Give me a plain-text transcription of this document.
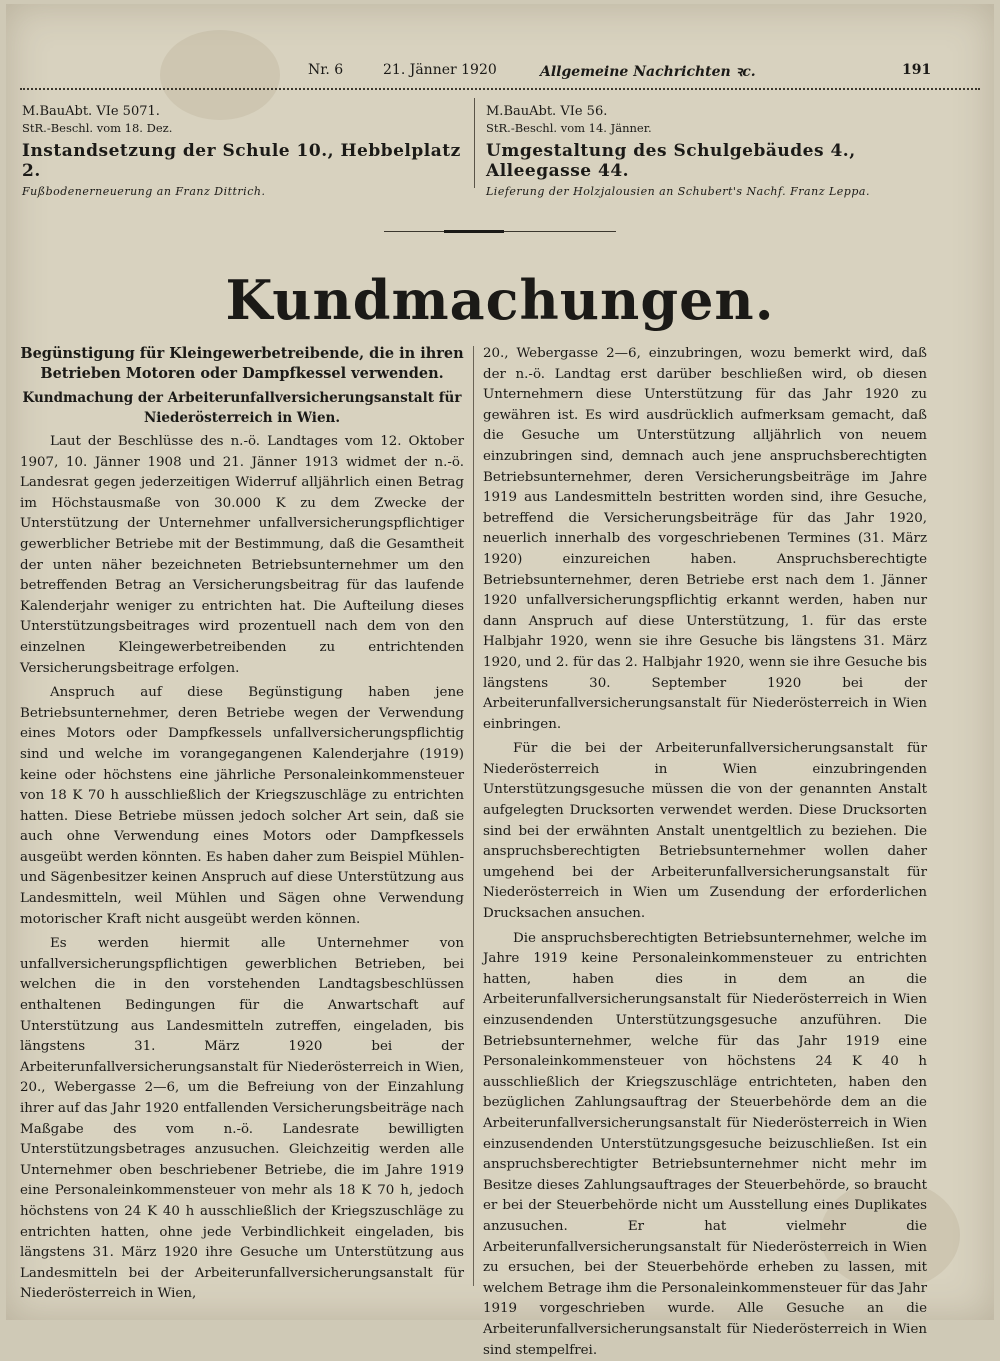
Nr. 6	21. Jänner 1920	Allgemeine Nachrichten ꝛc.	191
M.BauAbt. VIe 5071.
StR.-Beschl. vom 18. Dez.
Instandsetzung der Schule 10., Hebbelplatz 2.
Fußbodenerneuerung an Franz Dittrich.
M.BauAbt. VIe 56.
StR.-Beschl. vom 14. Jänner.
Umgestaltung des Schulgebäudes 4., Alleegasse 44.
Lieferung der Holzjalousien an Schubert's Nachf. Franz Leppa.
Kundmachungen.

Begünstigung für Kleingewerbetreibende, die in ihren Betrieben Motoren oder Dampfkessel verwenden.

Kundmachung der Arbeiterunfallversicherungsanstalt für Niederösterreich in Wien.

Laut der Beschlüsse des n.-ö. Landtages vom 12. Oktober 1907, 10. Jänner 1908 und 21. Jänner 1913 widmet der n.-ö. Landesrat gegen jederzeitigen Widerruf alljährlich einen Betrag im Höchstausmaße von 30.000 K zu dem Zwecke der Unterstützung der Unternehmer unfallversicherungspflichtiger gewerblicher Betriebe mit der Bestimmung, daß die Gesamtheit der unten näher bezeichneten Betriebsunternehmer um den betreffenden Betrag an Versicherungsbeitrag für das laufende Kalenderjahr weniger zu entrichten hat. Die Aufteilung dieses Unterstützungsbeitrages wird prozentuell nach dem von den einzelnen Kleingewerbetreibenden zu entrichtenden Versicherungsbeitrage erfolgen.

Anspruch auf diese Begünstigung haben jene Betriebsunternehmer, deren Betriebe wegen der Verwendung eines Motors oder Dampfkessels unfallversicherungspflichtig sind und welche im vorangegangenen Kalenderjahre (1919) keine oder höchstens eine jährliche Personaleinkommensteuer von 18 K 70 h ausschließlich der Kriegszuschläge zu entrichten hatten. Diese Betriebe müssen jedoch solcher Art sein, daß sie auch ohne Verwendung eines Motors oder Dampfkessels ausgeübt werden könnten. Es haben daher zum Beispiel Mühlen- und Sägenbesitzer keinen Anspruch auf diese Unterstützung aus Landesmitteln, weil Mühlen und Sägen ohne Verwendung motorischer Kraft nicht ausgeübt werden können.

Es werden hiermit alle Unternehmer von unfallversicherungspflichtigen gewerblichen Betrieben, bei welchen die in den vorstehenden Landtagsbeschlüssen enthaltenen Bedingungen für die Anwartschaft auf Unterstützung aus Landesmitteln zutreffen, eingeladen, bis längstens 31. März 1920 bei der Arbeiterunfallversicherungsanstalt für Niederösterreich in Wien, 20., Webergasse 2—6, um die Befreiung von der Einzahlung ihrer auf das Jahr 1920 entfallenden Versicherungsbeiträge nach Maßgabe des vom n.-ö. Landesrate bewilligten Unterstützungsbetrages anzusuchen. Gleichzeitig werden alle Unternehmer oben beschriebener Betriebe, die im Jahre 1919 eine Personaleinkommensteuer von mehr als 18 K 70 h, jedoch höchstens von 24 K 40 h ausschließlich der Kriegszuschläge zu entrichten hatten, ohne jede Verbindlichkeit eingeladen, bis längstens 31. März 1920 ihre Gesuche um Unterstützung aus Landesmitteln bei der Arbeiterunfallversicherungsanstalt für Niederösterreich in Wien,

20., Webergasse 2—6, einzubringen, wozu bemerkt wird, daß der n.-ö. Landtag erst darüber beschließen wird, ob diesen Unternehmern diese Unterstützung für das Jahr 1920 zu gewähren ist. Es wird ausdrücklich aufmerksam gemacht, daß die Gesuche um Unterstützung alljährlich von neuem einzubringen sind, demnach auch jene anspruchsberechtigten Betriebsunternehmer, deren Versicherungsbeiträge im Jahre 1919 aus Landesmitteln bestritten worden sind, ihre Gesuche, betreffend die Versicherungsbeiträge für das Jahr 1920, neuerlich innerhalb des vorgeschriebenen Termines (31. März 1920) einzureichen haben. Anspruchsberechtigte Betriebsunternehmer, deren Betriebe erst nach dem 1. Jänner 1920 unfallversicherungspflichtig erkannt werden, haben nur dann Anspruch auf diese Unterstützung, 1. für das erste Halbjahr 1920, wenn sie ihre Gesuche bis längstens 31. März 1920, und 2. für das 2. Halbjahr 1920, wenn sie ihre Gesuche bis längstens 30. September 1920 bei der Arbeiterunfallversicherungsanstalt für Niederösterreich in Wien einbringen.

Für die bei der Arbeiterunfallversicherungsanstalt für Niederösterreich in Wien einzubringenden Unterstützungsgesuche müssen die von der genannten Anstalt aufgelegten Drucksorten verwendet werden. Diese Drucksorten sind bei der erwähnten Anstalt unentgeltlich zu beziehen. Die anspruchsberechtigten Betriebsunternehmer wollen daher umgehend bei der Arbeiterunfallversicherungsanstalt für Niederösterreich in Wien um Zusendung der erforderlichen Drucksachen ansuchen.

Die anspruchsberechtigten Betriebsunternehmer, welche im Jahre 1919 keine Personaleinkommensteuer zu entrichten hatten, haben dies in dem an die Arbeiterunfallversicherungsanstalt für Niederösterreich in Wien einzusendenden Unterstützungsgesuche anzuführen. Die Betriebsunternehmer, welche für das Jahr 1919 eine Personaleinkommensteuer von höchstens 24 K 40 h ausschließlich der Kriegszuschläge entrichteten, haben den bezüglichen Zahlungsauftrag der Steuerbehörde dem an die Arbeiterunfallversicherungsanstalt für Niederösterreich in Wien einzusendenden Unterstützungsgesuche beizuschließen. Ist ein anspruchsberechtigter Betriebsunternehmer nicht mehr im Besitze dieses Zahlungsauftrages der Steuerbehörde, so braucht er bei der Steuerbehörde nicht um Ausstellung eines Duplikates anzusuchen. Er hat vielmehr die Arbeiterunfallversicherungsanstalt für Niederösterreich in Wien zu ersuchen, bei der Steuerbehörde erheben zu lassen, mit welchem Betrage ihm die Personaleinkommensteuer für das Jahr 1919 vorgeschrieben wurde. Alle Gesuche an die Arbeiterunfallversicherungsanstalt für Niederösterreich in Wien sind stempelfrei.
